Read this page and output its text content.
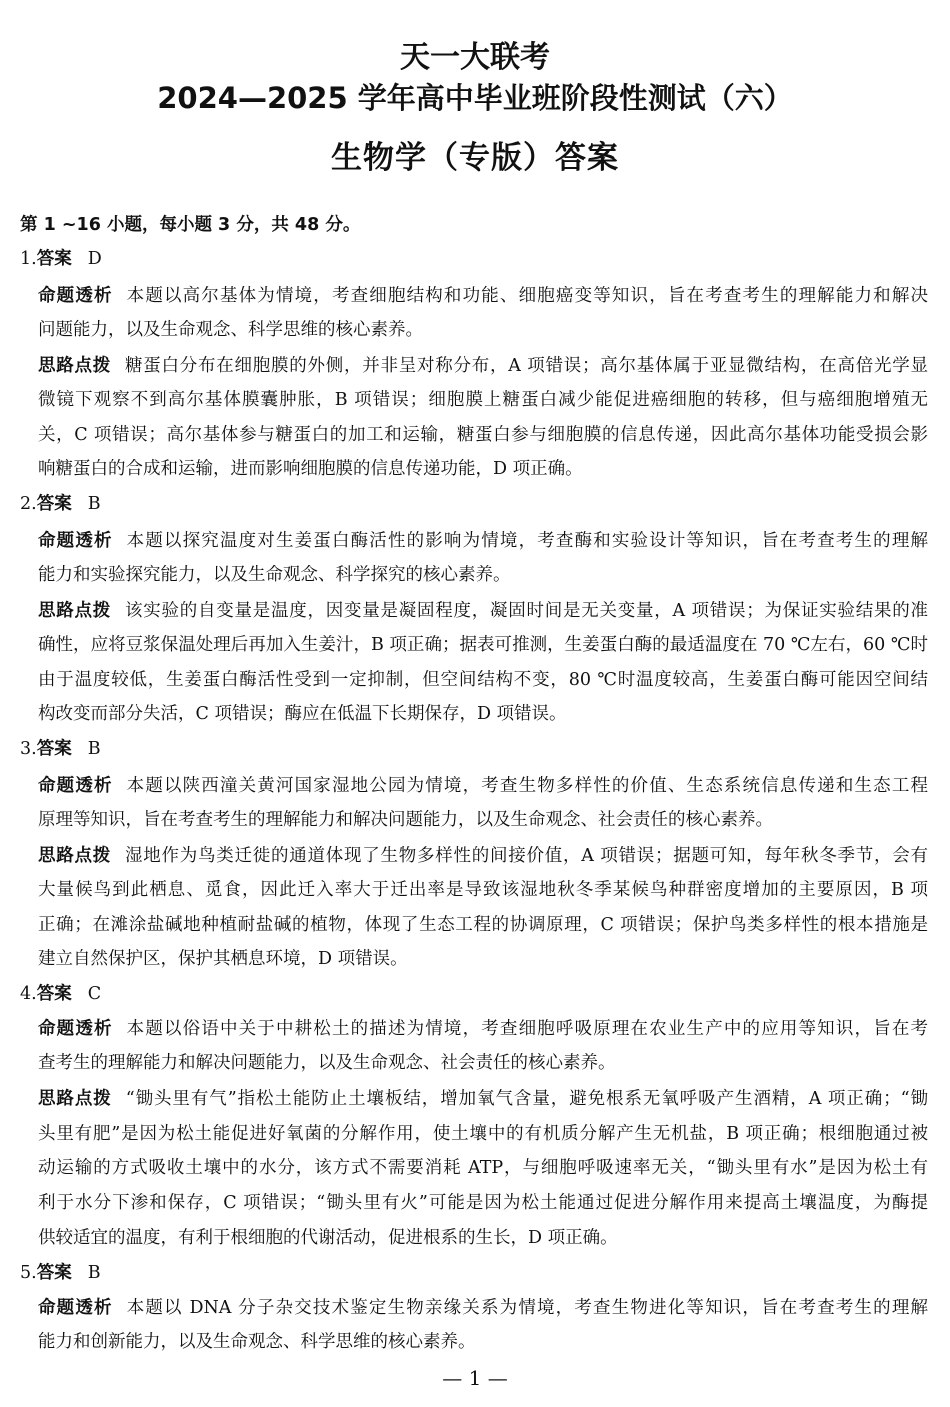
天一大联考
2024—2025 学年高中毕业班阶段性测试（六）
生物学（专版）答案
第 1 ~16 小题，每小题 3 分，共 48 分。
1.答案 D
命题透析 本题以高尔基体为情境，考查细胞结构和功能、细胞癌变等知识，旨在考查考生的理解能力和解决
问题能力，以及生命观念、科学思维的核心素养。
思路点拨 糖蛋白分布在细胞膜的外侧，并非呈对称分布，A 项错误；高尔基体属于亚显微结构，在高倍光学显
微镜下观察不到高尔基体膜囊肿胀，B 项错误；细胞膜上糖蛋白减少能促进癌细胞的转移，但与癌细胞增殖无
关，C 项错误；高尔基体参与糖蛋白的加工和运输，糖蛋白参与细胞膜的信息传递，因此高尔基体功能受损会影
响糖蛋白的合成和运输，进而影响细胞膜的信息传递功能，D 项正确。
2.答案 B
命题透析 本题以探究温度对生姜蛋白酶活性的影响为情境，考查酶和实验设计等知识，旨在考查考生的理解
能力和实验探究能力，以及生命观念、科学探究的核心素养。
思路点拨 该实验的自变量是温度，因变量是凝固程度，凝固时间是无关变量，A 项错误；为保证实验结果的准
确性，应将豆浆保温处理后再加入生姜汁，B 项正确；据表可推测，生姜蛋白酶的最适温度在 70 ℃左右，60 ℃时
由于温度较低，生姜蛋白酶活性受到一定抑制，但空间结构不变，80 ℃时温度较高，生姜蛋白酶可能因空间结
构改变而部分失活，C 项错误；酶应在低温下长期保存，D 项错误。
3.答案 B
命题透析 本题以陕西潼关黄河国家湿地公园为情境，考查生物多样性的价值、生态系统信息传递和生态工程
原理等知识，旨在考查考生的理解能力和解决问题能力，以及生命观念、社会责任的核心素养。
思路点拨 湿地作为鸟类迁徙的通道体现了生物多样性的间接价值，A 项错误；据题可知，每年秋冬季节，会有
大量候鸟到此栖息、觅食，因此迁入率大于迁出率是导致该湿地秋冬季某候鸟种群密度增加的主要原因，B 项
正确；在滩涂盐碱地种植耐盐碱的植物，体现了生态工程的协调原理，C 项错误；保护鸟类多样性的根本措施是
建立自然保护区，保护其栖息环境，D 项错误。
4.答案 C
命题透析 本题以俗语中关于中耕松土的描述为情境，考查细胞呼吸原理在农业生产中的应用等知识，旨在考
查考生的理解能力和解决问题能力，以及生命观念、社会责任的核心素养。
思路点拨 “锄头里有气”指松土能防止土壤板结，增加氧气含量，避免根系无氧呼吸产生酒精，A 项正确；“锄
头里有肥”是因为松土能促进好氧菌的分解作用，使土壤中的有机质分解产生无机盐，B 项正确；根细胞通过被
动运输的方式吸收土壤中的水分，该方式不需要消耗 ATP，与细胞呼吸速率无关，“锄头里有水”是因为松土有
利于水分下渗和保存，C 项错误；“锄头里有火”可能是因为松土能通过促进分解作用来提高土壤温度，为酶提
供较适宜的温度，有利于根细胞的代谢活动，促进根系的生长，D 项正确。
5.答案 B
命题透析 本题以 DNA 分子杂交技术鉴定生物亲缘关系为情境，考查生物进化等知识，旨在考查考生的理解
能力和创新能力，以及生命观念、科学思维的核心素养。
— 1 —
